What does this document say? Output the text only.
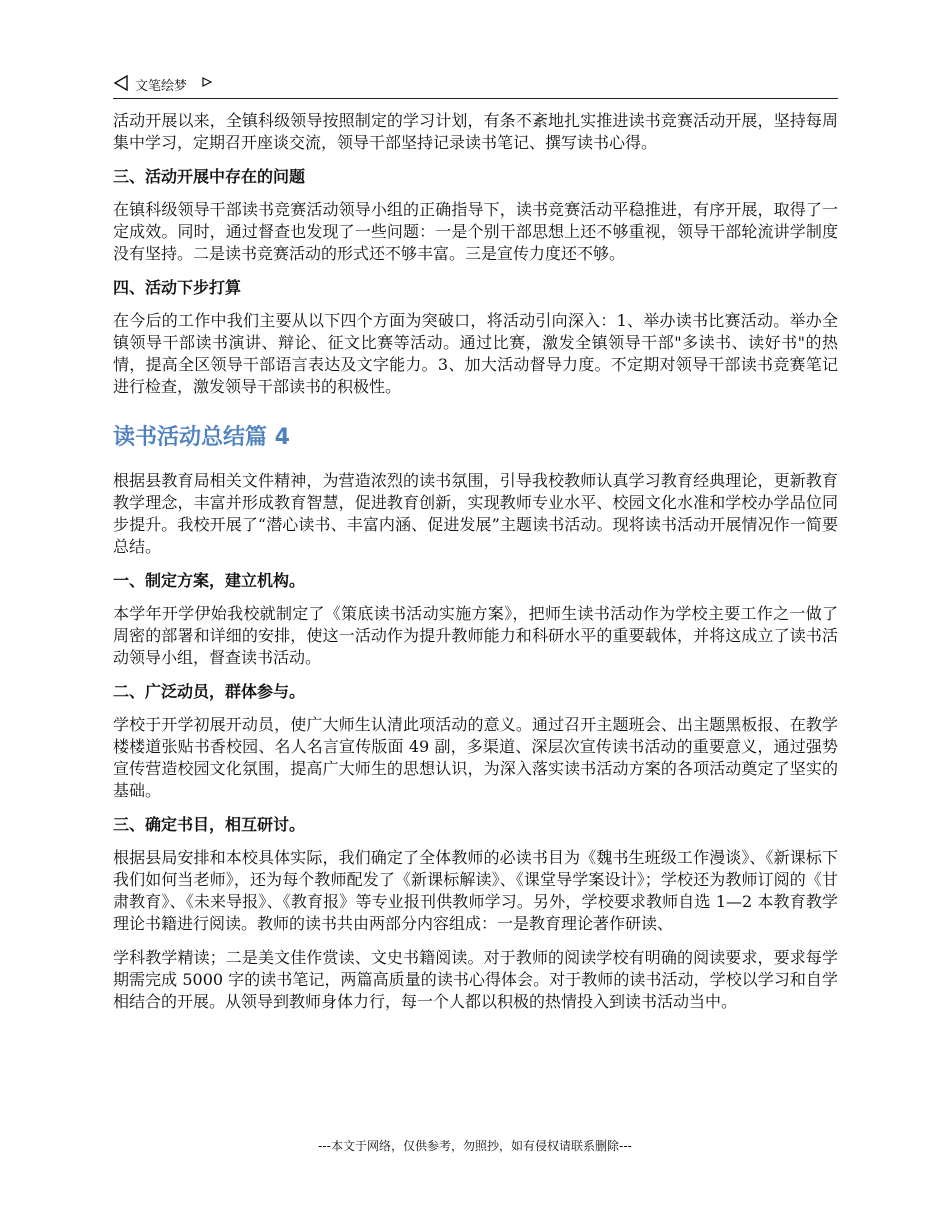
文笔绘梦

活动开展以来，全镇科级领导按照制定的学习计划，有条不紊地扎实推进读书竞赛活动开展，坚持每周集中学习，定期召开座谈交流，领导干部坚持记录读书笔记、撰写读书心得。

三、活动开展中存在的问题

在镇科级领导干部读书竞赛活动领导小组的正确指导下，读书竞赛活动平稳推进，有序开展，取得了一定成效。同时，通过督查也发现了一些问题：一是个别干部思想上还不够重视，领导干部轮流讲学制度没有坚持。二是读书竞赛活动的形式还不够丰富。三是宣传力度还不够。

四、活动下步打算

在今后的工作中我们主要从以下四个方面为突破口，将活动引向深入：1、举办读书比赛活动。举办全镇领导干部读书演讲、辩论、征文比赛等活动。通过比赛，激发全镇领导干部"多读书、读好书"的热情，提高全区领导干部语言表达及文字能力。3、加大活动督导力度。不定期对领导干部读书竞赛笔记进行检查，激发领导干部读书的积极性。

读书活动总结篇 4

根据县教育局相关文件精神，为营造浓烈的读书氛围，引导我校教师认真学习教育经典理论，更新教育教学理念，丰富并形成教育智慧，促进教育创新，实现教师专业水平、校园文化水准和学校办学品位同步提升。我校开展了“潜心读书、丰富内涵、促进发展”主题读书活动。现将读书活动开展情况作一简要总结。

一、制定方案，建立机构。

本学年开学伊始我校就制定了《策底读书活动实施方案》，把师生读书活动作为学校主要工作之一做了周密的部署和详细的安排，使这一活动作为提升教师能力和科研水平的重要载体，并将这成立了读书活动领导小组，督查读书活动。

二、广泛动员，群体参与。

学校于开学初展开动员，使广大师生认清此项活动的意义。通过召开主题班会、出主题黑板报、在教学楼楼道张贴书香校园、名人名言宣传版面 49 副，多渠道、深层次宣传读书活动的重要意义，通过强势宣传营造校园文化氛围，提高广大师生的思想认识，为深入落实读书活动方案的各项活动奠定了坚实的基础。

三、确定书目，相互研讨。

根据县局安排和本校具体实际，我们确定了全体教师的必读书目为《魏书生班级工作漫谈》、《新课标下我们如何当老师》，还为每个教师配发了《新课标解读》、《课堂导学案设计》；学校还为教师订阅的《甘肃教育》、《未来导报》、《教育报》等专业报刊供教师学习。另外，学校要求教师自选 1—2 本教育教学理论书籍进行阅读。教师的读书共由两部分内容组成：一是教育理论著作研读、

学科教学精读；二是美文佳作赏读、文史书籍阅读。对于教师的阅读学校有明确的阅读要求，要求每学期需完成 5000 字的读书笔记，两篇高质量的读书心得体会。对于教师的读书活动，学校以学习和自学相结合的开展。从领导到教师身体力行，每一个人都以积极的热情投入到读书活动当中。

---本文于网络，仅供参考，勿照抄，如有侵权请联系删除---
